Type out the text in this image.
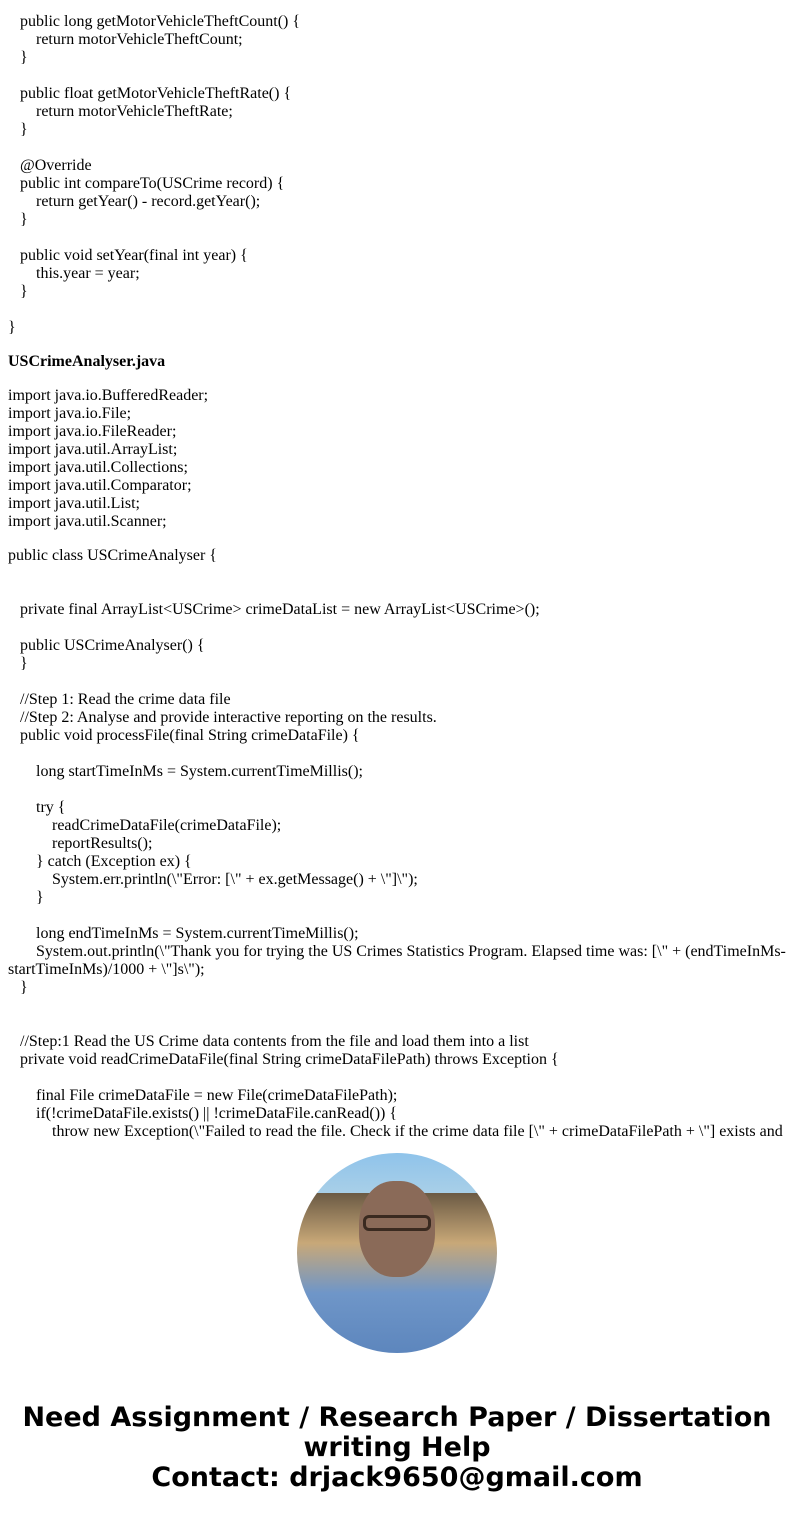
public long getMotorVehicleTheftCount() {
return motorVehicleTheftCount;
}

public float getMotorVehicleTheftRate() {
return motorVehicleTheftRate;
}

@Override
public int compareTo(USCrime record) {
return getYear() - record.getYear();
}

public void setYear(final int year) {
this.year = year;
}
}
USCrimeAnalyser.java
import java.io.BufferedReader;
import java.io.File;
import java.io.FileReader;
import java.util.ArrayList;
import java.util.Collections;
import java.util.Comparator;
import java.util.List;
import java.util.Scanner;
public class USCrimeAnalyser {

private final ArrayList<USCrime> crimeDataList = new ArrayList<USCrime>();

public USCrimeAnalyser() {
}

//Step 1: Read the crime data file
//Step 2: Analyse and provide interactive reporting on the results.
public void processFile(final String crimeDataFile) {

long startTimeInMs = System.currentTimeMillis();

try {
readCrimeDataFile(crimeDataFile);
reportResults();
} catch (Exception ex) {
System.err.println(\"Error: [\" + ex.getMessage() + \"]\");
}

long endTimeInMs = System.currentTimeMillis();
System.out.println(\"Thank you for trying the US Crimes Statistics Program. Elapsed time was: [\" + (endTimeInMs-
startTimeInMs)/1000 + \"]s\");
}

//Step:1 Read the US Crime data contents from the file and load them into a list
private void readCrimeDataFile(final String crimeDataFilePath) throws Exception {

final File crimeDataFile = new File(crimeDataFilePath);
if(!crimeDataFile.exists() || !crimeDataFile.canRead()) {
throw new Exception(\"Failed to read the file. Check if the crime data file [\" + crimeDataFilePath + \"] exists and
Need Assignment / Research Paper / Dissertation
writing Help
Contact: drjack9650@gmail.com
